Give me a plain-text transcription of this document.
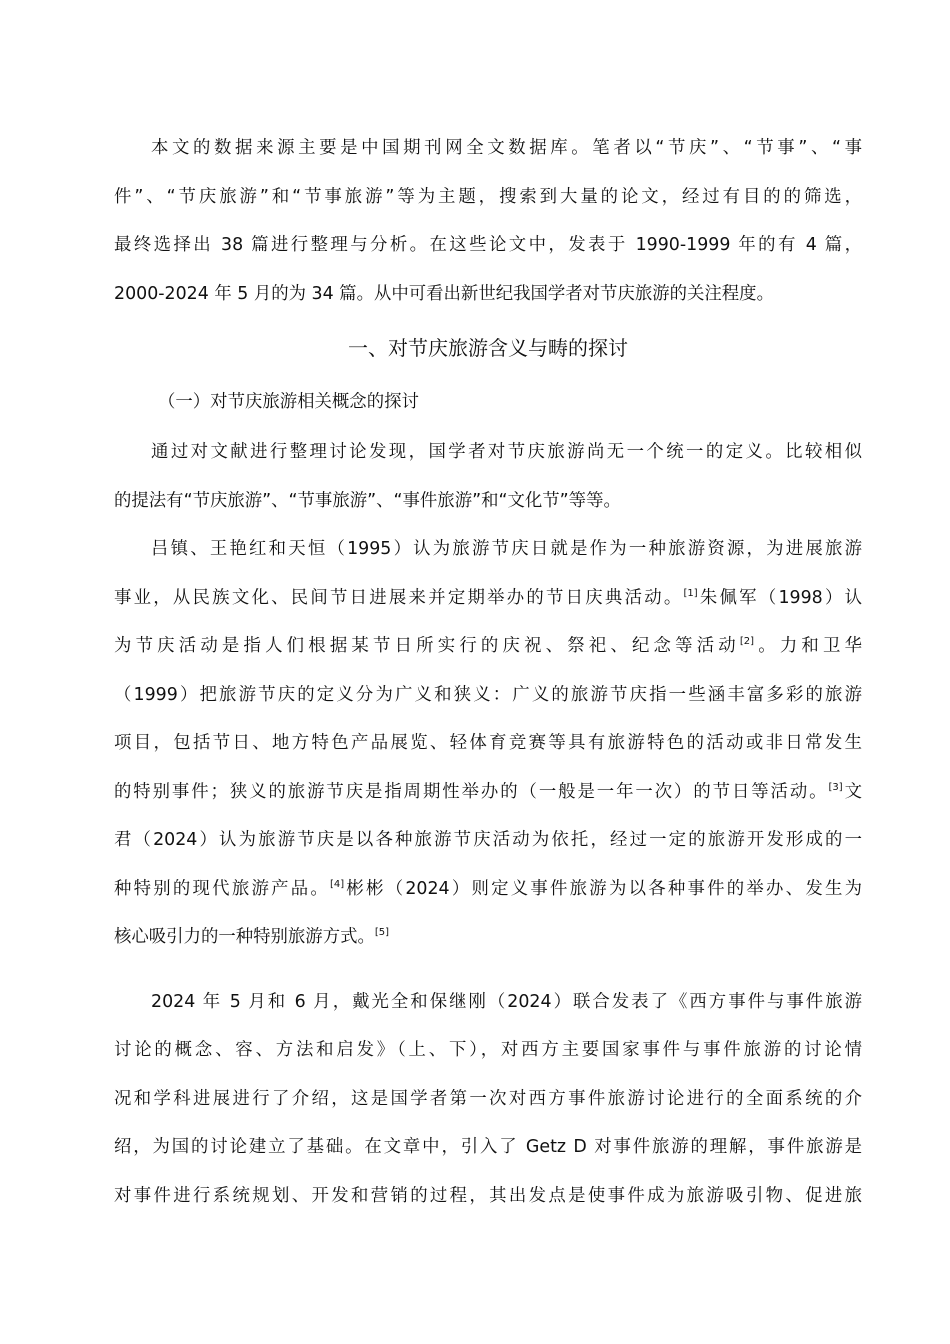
本文的数据来源主要是中国期刊网全文数据库。笔者以“节庆”、“节事”、“事
件”、“节庆旅游”和“节事旅游”等为主题，搜索到大量的论文，经过有目的的筛选，
最终选择出 38 篇进行整理与分析。在这些论文中，发表于 1990-1999 年的有 4 篇，
2000-2024 年 5 月的为 34 篇。从中可看出新世纪我国学者对节庆旅游的关注程度。
一、对节庆旅游含义与畴的探讨
（一）对节庆旅游相关概念的探讨
通过对文献进行整理讨论发现，国学者对节庆旅游尚无一个统一的定义。比较相似
的提法有“节庆旅游”、“节事旅游”、“事件旅游”和“文化节”等等。
吕镇、王艳红和天恒（1995）认为旅游节庆日就是作为一种旅游资源，为进展旅游
事业，从民族文化、民间节日进展来并定期举办的节日庆典活动。[1]朱佩军（1998）认
为节庆活动是指人们根据某节日所实行的庆祝、祭祀、纪念等活动[2]。力和卫华
（1999）把旅游节庆的定义分为广义和狭义：广义的旅游节庆指一些涵丰富多彩的旅游
项目，包括节日、地方特色产品展览、轻体育竞赛等具有旅游特色的活动或非日常发生
的特别事件；狭义的旅游节庆是指周期性举办的（一般是一年一次）的节日等活动。[3]文
君（2024）认为旅游节庆是以各种旅游节庆活动为依托，经过一定的旅游开发形成的一
种特别的现代旅游产品。[4]彬彬（2024）则定义事件旅游为以各种事件的举办、发生为
核心吸引力的一种特别旅游方式。[5]
2024 年 5 月和 6 月，戴光全和保继刚（2024）联合发表了《西方事件与事件旅游
讨论的概念、容、方法和启发》（上、下），对西方主要国家事件与事件旅游的讨论情
况和学科进展进行了介绍，这是国学者第一次对西方事件旅游讨论进行的全面系统的介
绍，为国的讨论建立了基础。在文章中，引入了 Getz D 对事件旅游的理解，事件旅游是
对事件进行系统规划、开发和营销的过程，其出发点是使事件成为旅游吸引物、促进旅
